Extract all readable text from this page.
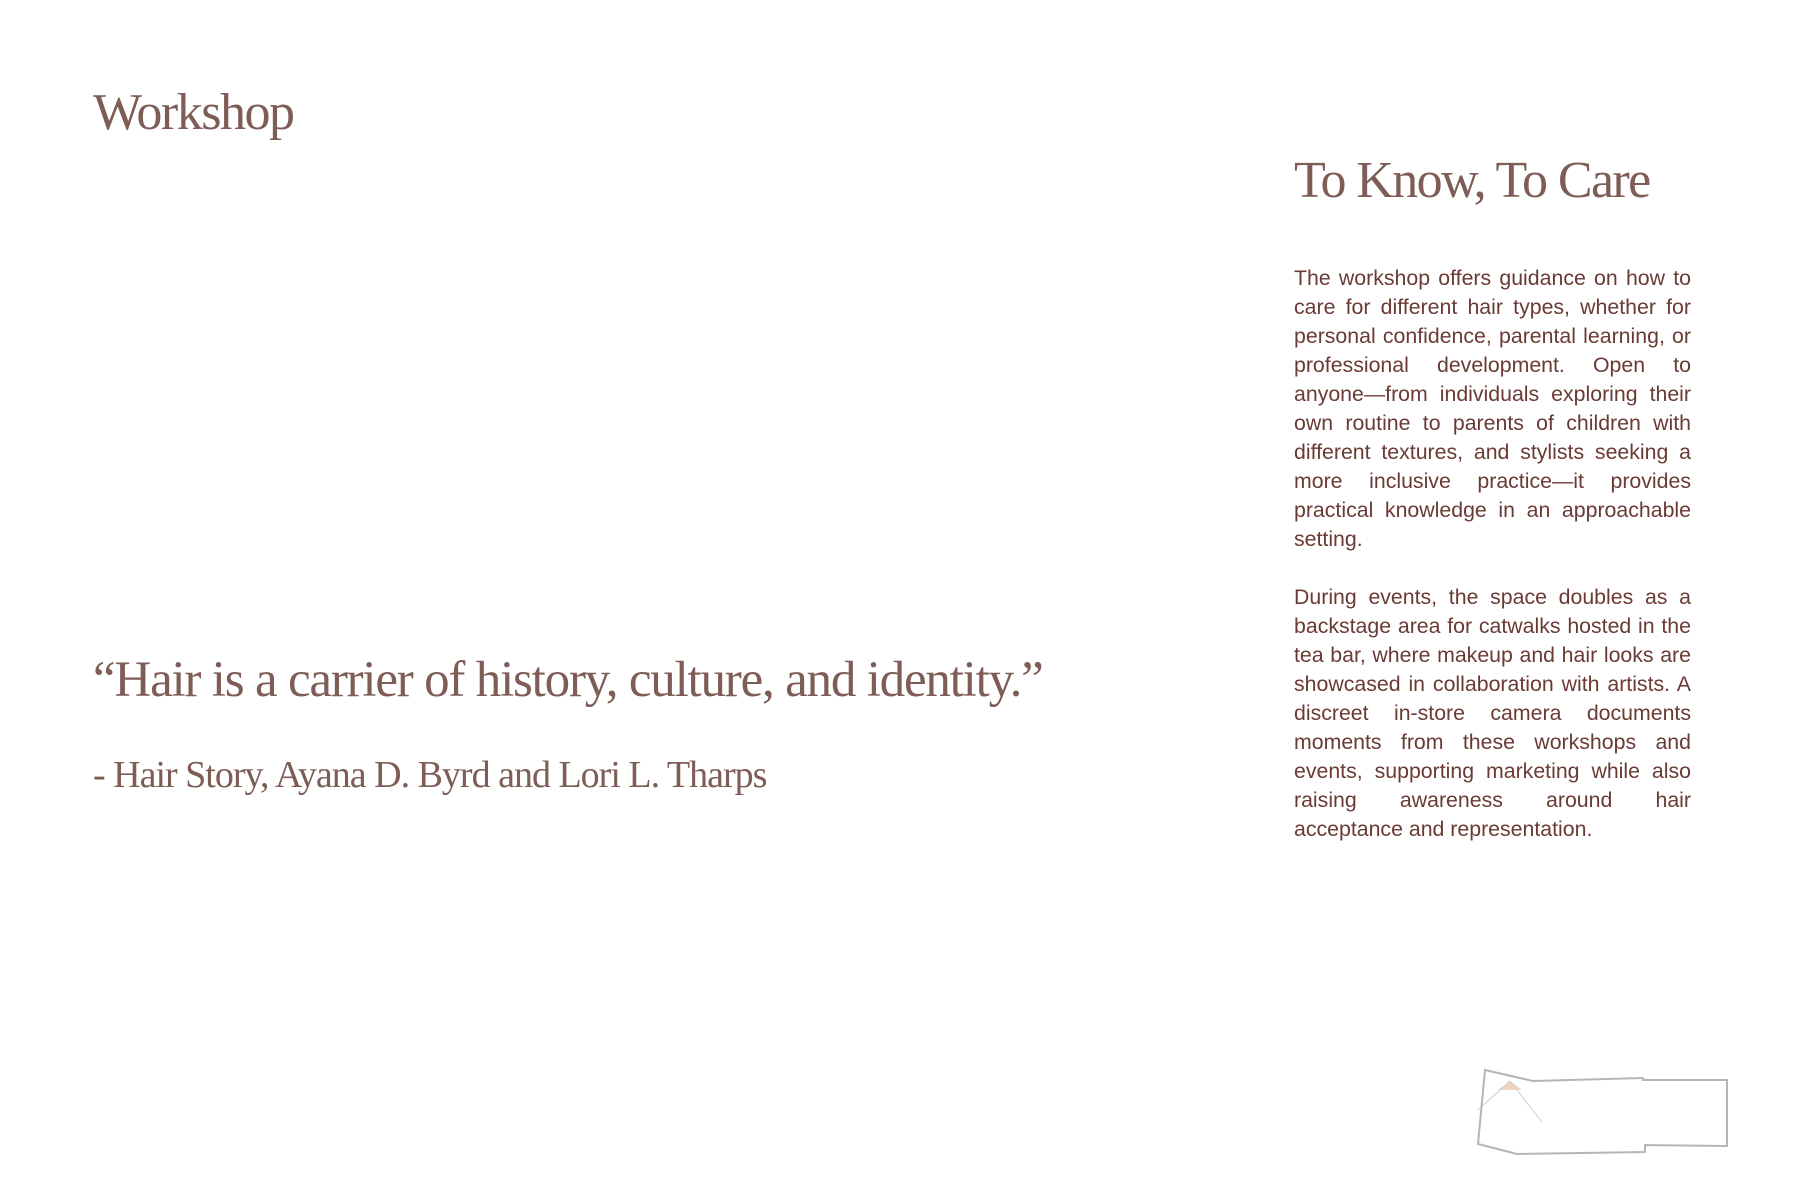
Workshop
“Hair is a carrier of history, culture, and identity.”
- Hair Story, Ayana D. Byrd and Lori L. Tharps
To Know, To Care

The workshop offers guidance on how to care for different hair types, whether for personal confidence, parental learning, or professional development. Open to anyone—from individuals exploring their own routine to parents of children with different textures, and stylists seeking a more inclusive practice—it provides practical knowledge in an approachable setting.

During events, the space doubles as a backstage area for catwalks hosted in the tea bar, where makeup and hair looks are showcased in collaboration with artists. A discreet in-store camera documents moments from these workshops and events, supporting marketing while also raising awareness around hair acceptance and representation.
